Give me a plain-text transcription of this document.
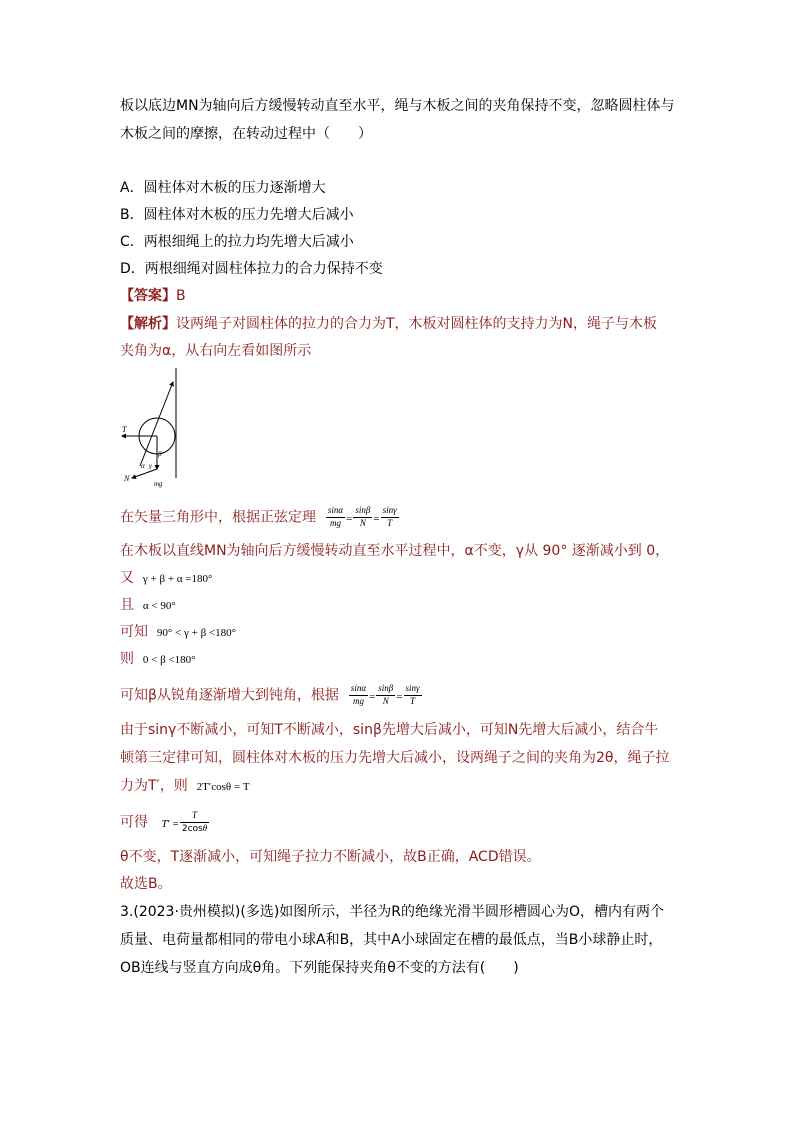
板以底边MN为轴向后方缓慢转动直至水平，绳与木板之间的夹角保持不变，忽略圆柱体与
木板之间的摩擦，在转动过程中（　　）
A．圆柱体对木板的压力逐渐增大
B．圆柱体对木板的压力先增大后减小
C．两根细绳上的拉力均先增大后减小
D．两根细绳对圆柱体拉力的合力保持不变
【答案】B
【解析】设两绳子对圆柱体的拉力的合力为T，木板对圆柱体的支持力为N，绳子与木板
夹角为α，从右向左看如图所示
T
N
mg
α γ
β
在矢量三角形中，根据正弦定理 $\frac{\sin\alpha}{mg} = \frac{\sin\beta}{N} = \frac{\sin\gamma}{T}$
在木板以直线MN为轴向后方缓慢转动直至水平过程中，α不变，γ从 90° 逐渐减小到 0，
又 γ + β + α =180°
且 α < 90°
可知 90° < γ + β <180°
则 0 < β <180°
可知β从锐角逐渐增大到钝角，根据 $\frac{\sin\alpha}{mg} = \frac{\sin\beta}{N} = \frac{\sin\gamma}{T}$
由于sinγ不断减小，可知T不断减小，sinβ先增大后减小，可知N先增大后减小，结合牛
顿第三定律可知，圆柱体对木板的压力先增大后减小，设两绳子之间的夹角为2θ，绳子拉
力为T′，则 2T′cosθ = T
可得 $T' = \frac{T}{2\cos\theta}$
θ不变，T逐渐减小，可知绳子拉力不断减小，故B正确，ACD错误。
故选B。
3.(2023·贵州模拟)(多选)如图所示，半径为R的绝缘光滑半圆形槽圆心为O，槽内有两个
质量、电荷量都相同的带电小球A和B，其中A小球固定在槽的最低点，当B小球静止时，
OB连线与竖直方向成θ角。下列能保持夹角θ不变的方法有(　　)
